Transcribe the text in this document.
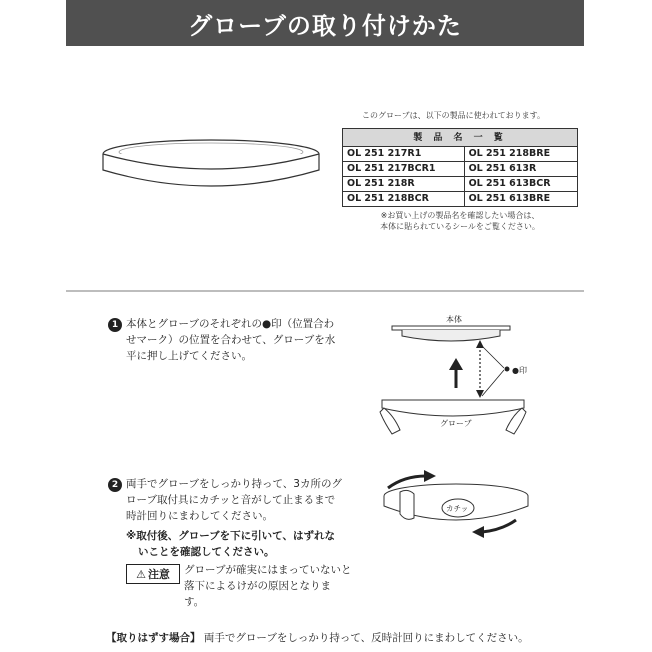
グローブの取り付けかた
このグローブは、以下の製品に使われております。
製 品 名 一 覧	
OL 251 217R1	OL 251 218BRE
OL 251 217BCR1	OL 251 613R
OL 251 218R	OL 251 613BCR
OL 251 218BCR	OL 251 613BRE
※お買い上げの製品名を確認したい場合は、
本体に貼られているシールをご覧ください。
1 本体とグローブのそれぞれの●印（位置合わ
せマーク）の位置を合わせて、グローブを水
平に押し上げてください。
本体
●印
グローブ
2 両手でグローブをしっかり持って、3カ所のグ
ローブ取付具にカチッと音がして止まるまで
時計回りにまわしてください。
※取付後、グローブを下に引いて、はずれな
いことを確認してください。
カチッ
⚠ 注意 グローブが確実にはまっていないと
落下によるけがの原因となりま
す。
【取りはずす場合】 両手でグローブをしっかり持って、反時計回りにまわしてください。
